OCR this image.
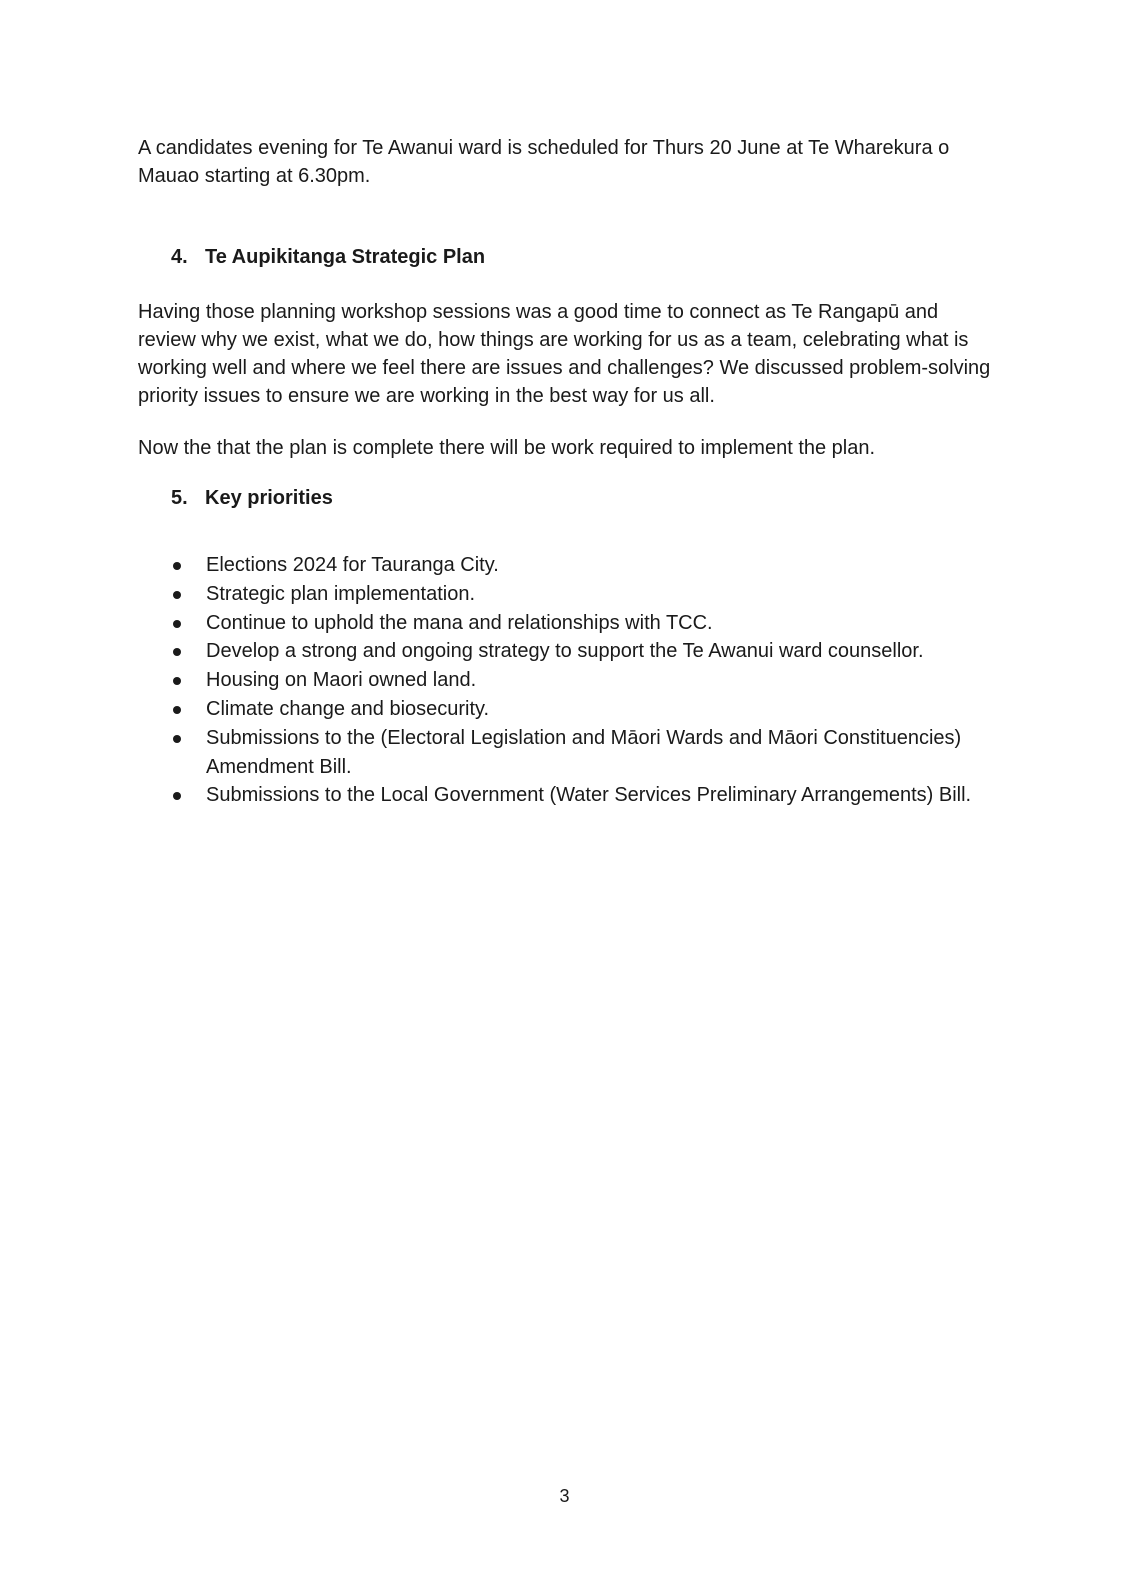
A candidates evening for Te Awanui ward is scheduled for Thurs 20 June at Te Wharekura o Mauao starting at 6.30pm.

4. Te Aupikitanga Strategic Plan

Having those planning workshop sessions was a good time to connect as Te Rangapū and review why we exist, what we do, how things are working for us as a team, celebrating what is working well and where we feel there are issues and challenges? We discussed problem-solving priority issues to ensure we are working in the best way for us all.

Now the that the plan is complete there will be work required to implement the plan.

5. Key priorities
Elections 2024 for Tauranga City.
Strategic plan implementation.
Continue to uphold the mana and relationships with TCC.
Develop a strong and ongoing strategy to support the Te Awanui ward counsellor.
Housing on Maori owned land.
Climate change and biosecurity.
Submissions to the (Electoral Legislation and Māori Wards and Māori Constituencies) Amendment Bill.
Submissions to the Local Government (Water Services Preliminary Arrangements) Bill.
3
